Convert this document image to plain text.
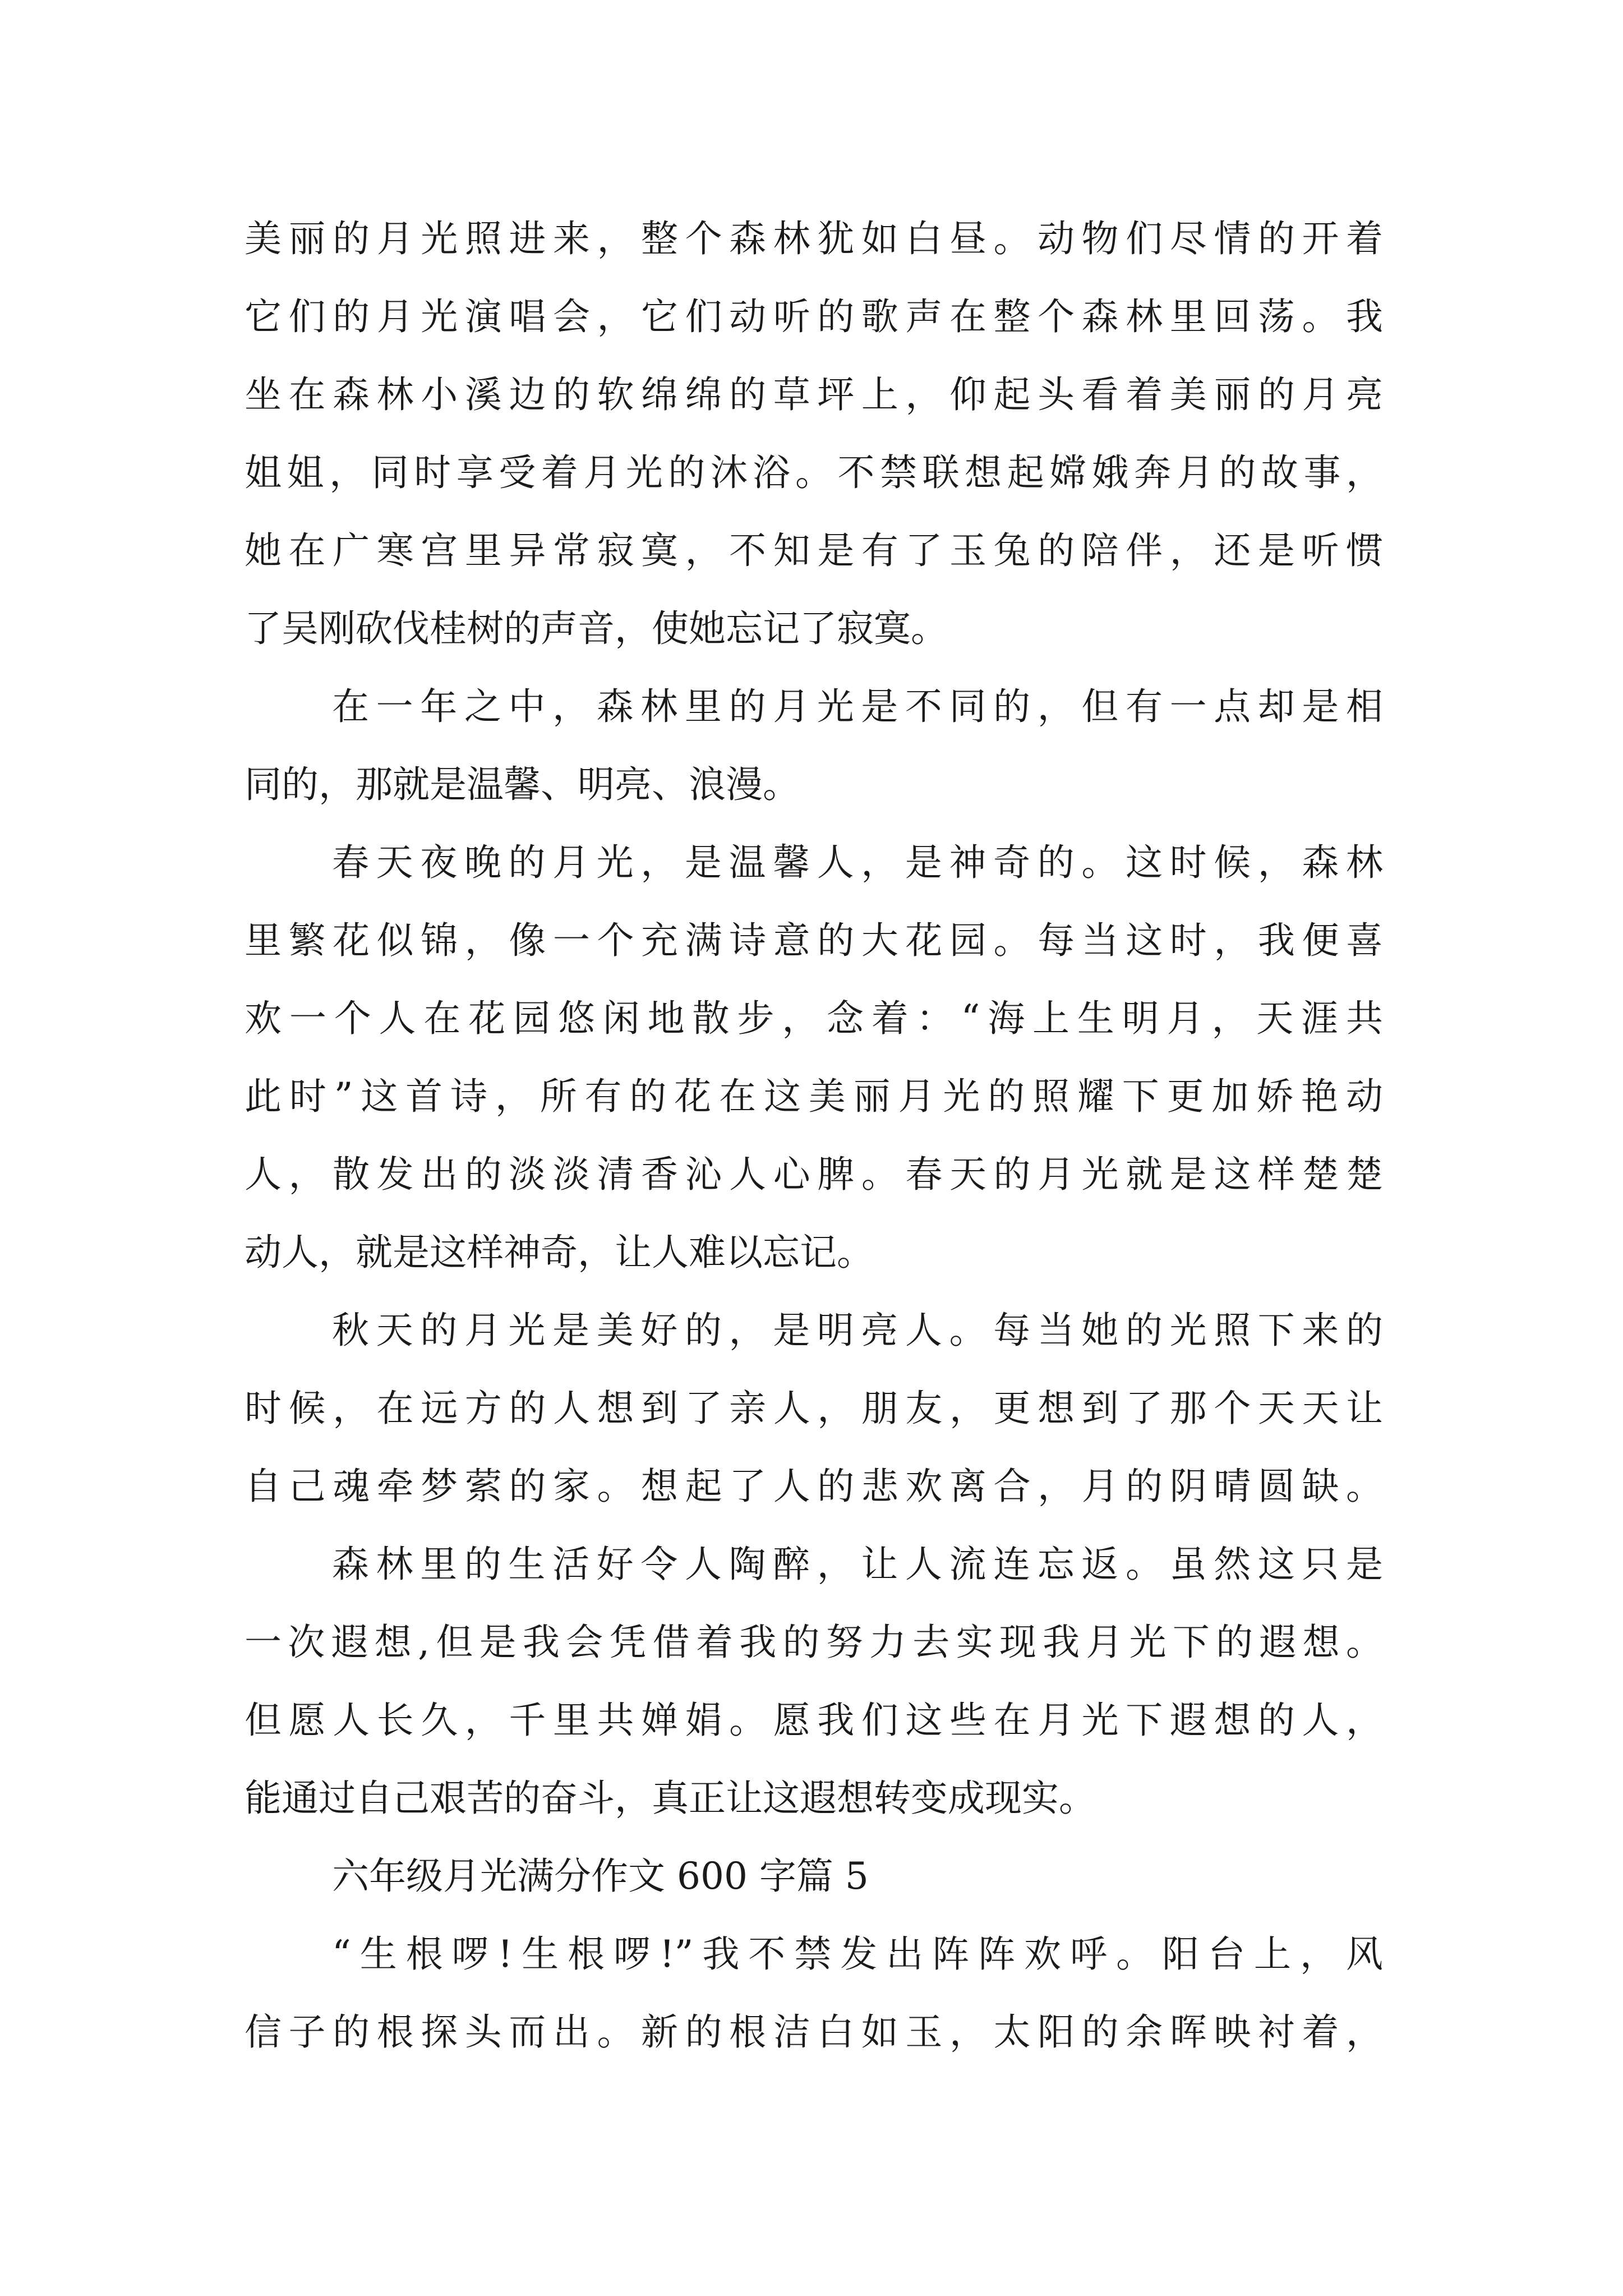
美丽的月光照进来，整个森林犹如白昼。动物们尽情的开着
它们的月光演唱会，它们动听的歌声在整个森林里回荡。我
坐在森林小溪边的软绵绵的草坪上，仰起头看着美丽的月亮
姐姐，同时享受着月光的沐浴。不禁联想起嫦娥奔月的故事，
她在广寒宫里异常寂寞，不知是有了玉兔的陪伴，还是听惯
了吴刚砍伐桂树的声音，使她忘记了寂寞。
在一年之中，森林里的月光是不同的，但有一点却是相
同的，那就是温馨、明亮、浪漫。
春天夜晚的月光，是温馨人，是神奇的。这时候，森林
里繁花似锦，像一个充满诗意的大花园。每当这时，我便喜
欢一个人在花园悠闲地散步，念着：“海上生明月，天涯共
此时”这首诗，所有的花在这美丽月光的照耀下更加娇艳动
人，散发出的淡淡清香沁人心脾。春天的月光就是这样楚楚
动人，就是这样神奇，让人难以忘记。
秋天的月光是美好的，是明亮人。每当她的光照下来的
时候，在远方的人想到了亲人，朋友，更想到了那个天天让
自己魂牵梦萦的家。想起了人的悲欢离合，月的阴晴圆缺。
森林里的生活好令人陶醉，让人流连忘返。虽然这只是
一次遐想,但是我会凭借着我的努力去实现我月光下的遐想。
但愿人长久，千里共婵娟。愿我们这些在月光下遐想的人，
能通过自己艰苦的奋斗，真正让这遐想转变成现实。
六年级月光满分作文 600 字篇 5
“生根啰!生根啰!”我不禁发出阵阵欢呼。阳台上，风
信子的根探头而出。新的根洁白如玉，太阳的余晖映衬着，
